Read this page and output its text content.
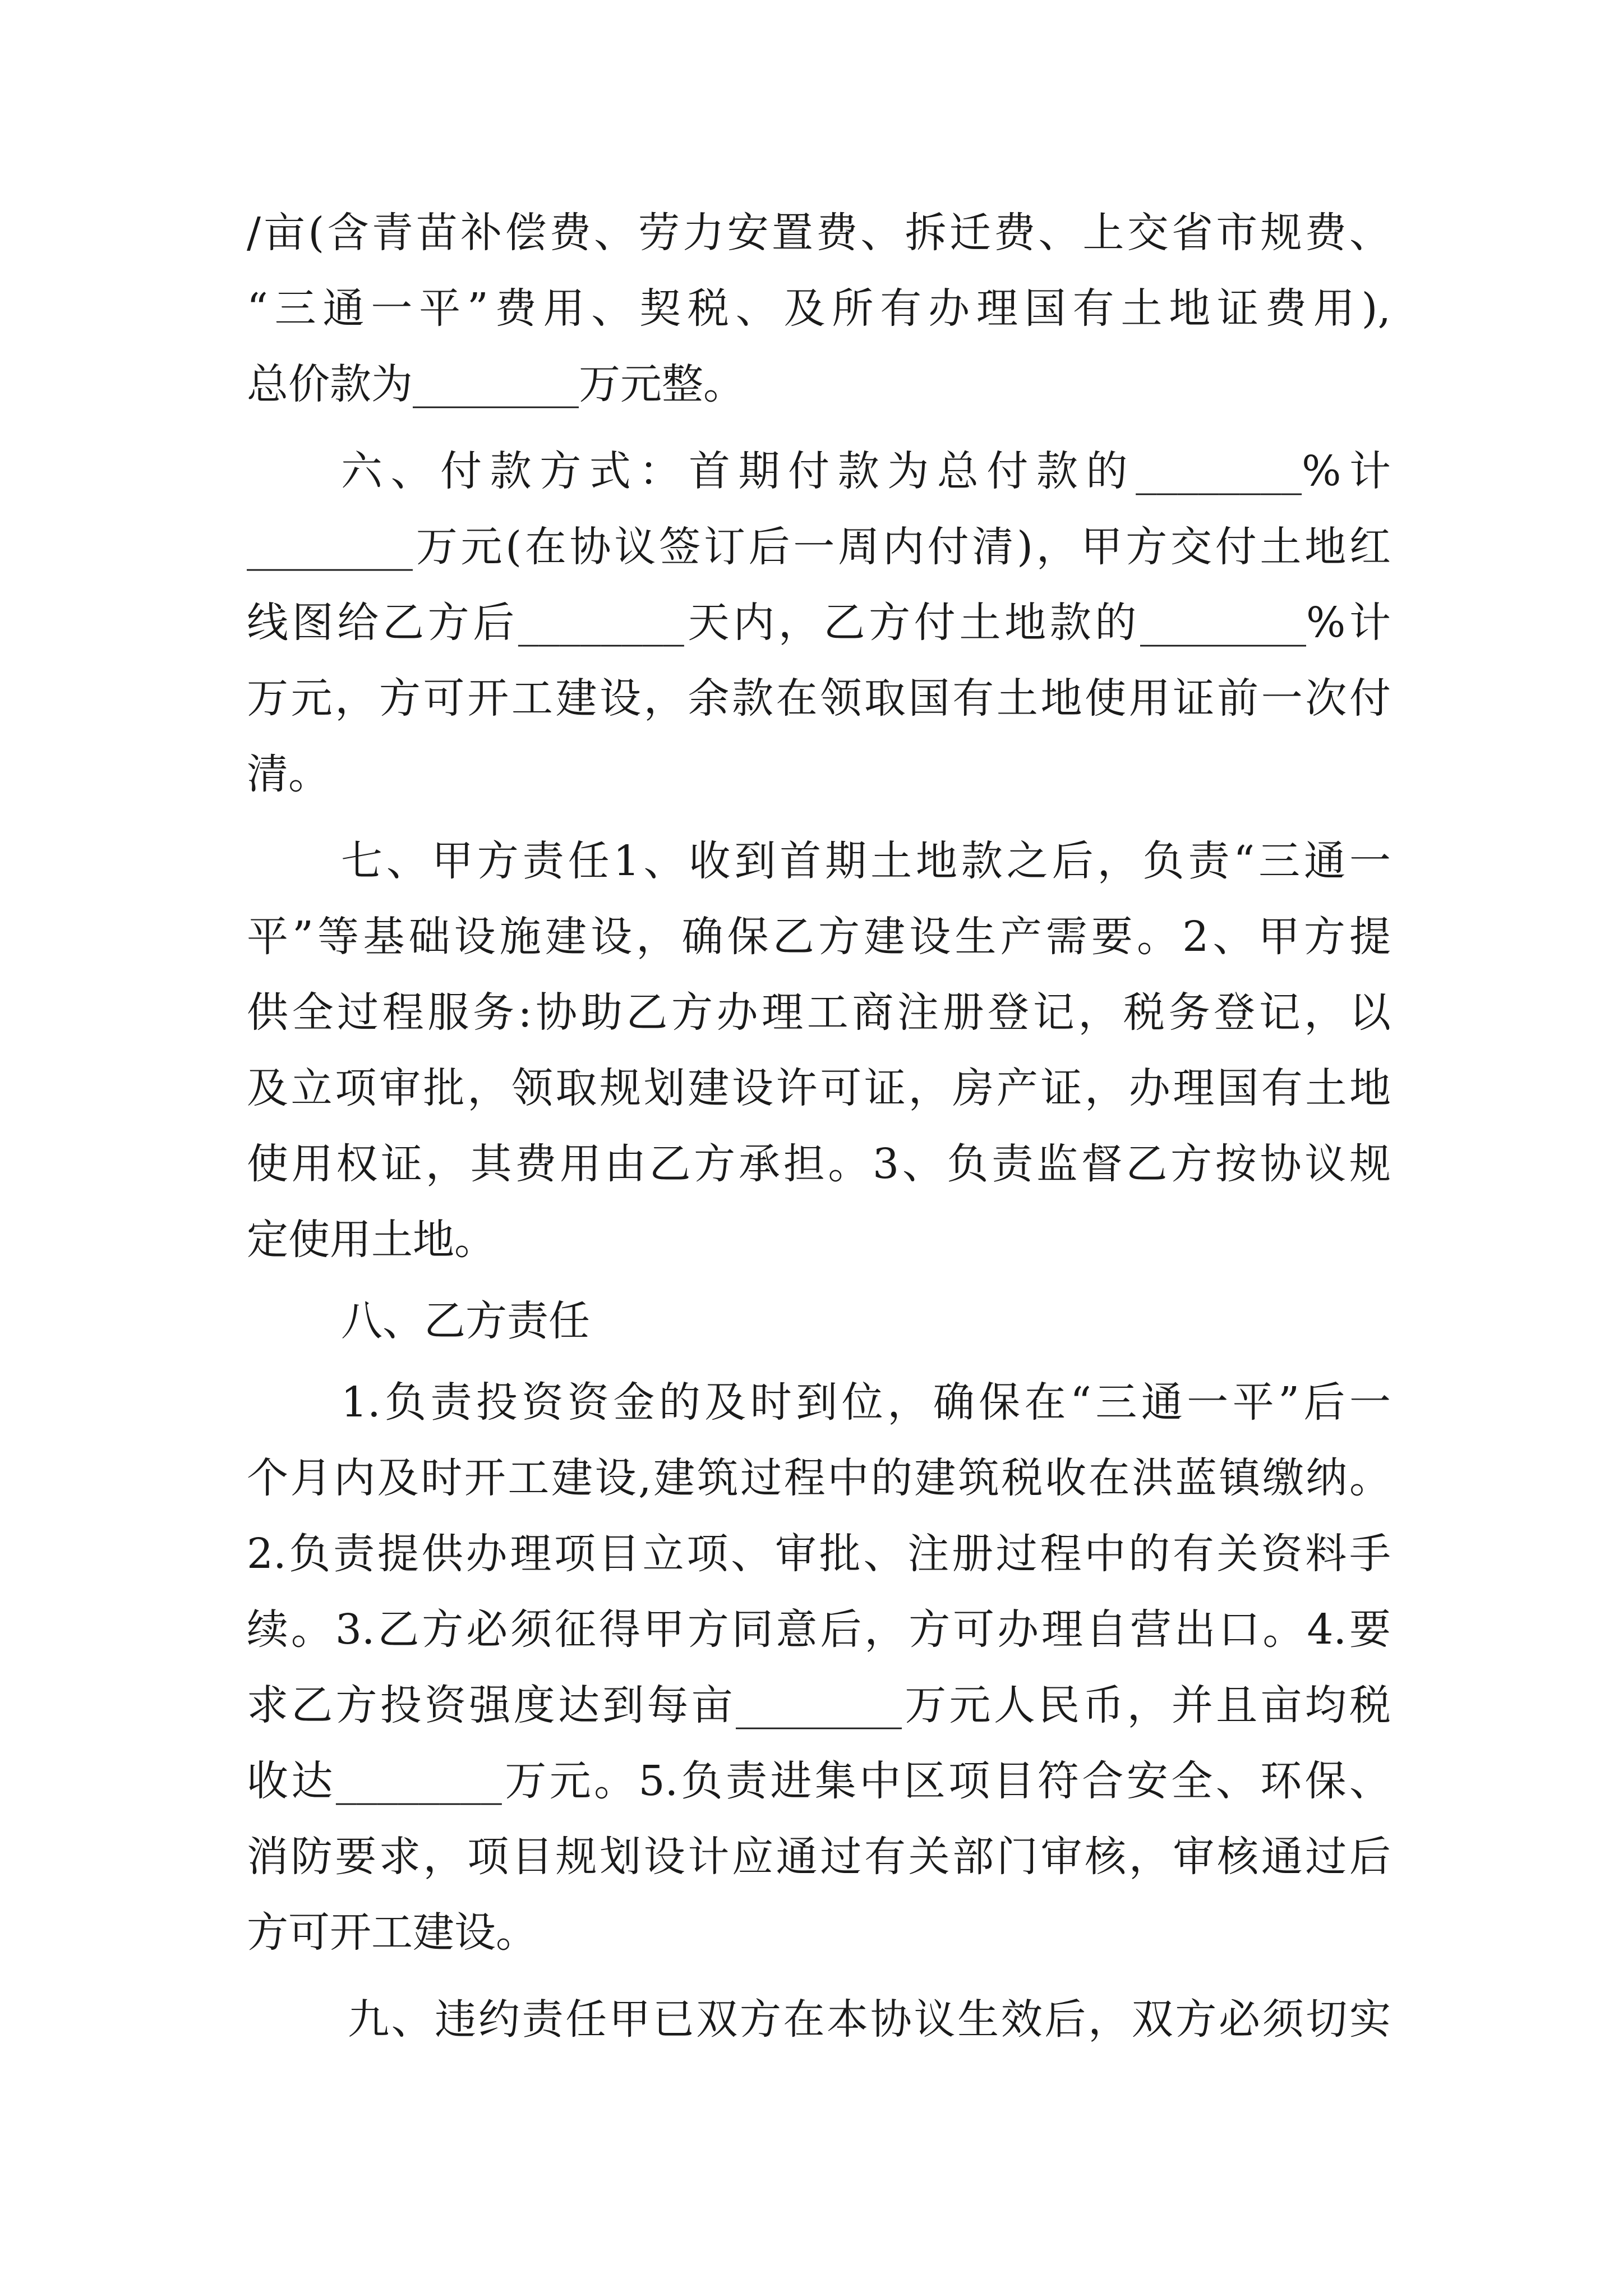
/亩(含青苗补偿费、劳力安置费、拆迁费、上交省市规费、
“三通一平”费用、契税、及所有办理国有土地证费用),
总价款为________万元整。
六、付款方式：首期付款为总付款的________%计
________万元(在协议签订后一周内付清)，甲方交付土地红
线图给乙方后________天内，乙方付土地款的________%计
万元，方可开工建设，余款在领取国有土地使用证前一次付
清。
七、甲方责任1、收到首期土地款之后，负责“三通一
平”等基础设施建设，确保乙方建设生产需要。2、甲方提
供全过程服务:协助乙方办理工商注册登记，税务登记，以
及立项审批，领取规划建设许可证，房产证，办理国有土地
使用权证，其费用由乙方承担。3、负责监督乙方按协议规
定使用土地。
八、乙方责任
1.负责投资资金的及时到位，确保在“三通一平”后一
个月内及时开工建设,建筑过程中的建筑税收在洪蓝镇缴纳。
2.负责提供办理项目立项、审批、注册过程中的有关资料手
续。3.乙方必须征得甲方同意后，方可办理自营出口。4.要
求乙方投资强度达到每亩________万元人民币，并且亩均税
收达________万元。5.负责进集中区项目符合安全、环保、
消防要求，项目规划设计应通过有关部门审核，审核通过后
方可开工建设。
九、违约责任甲已双方在本协议生效后，双方必须切实
